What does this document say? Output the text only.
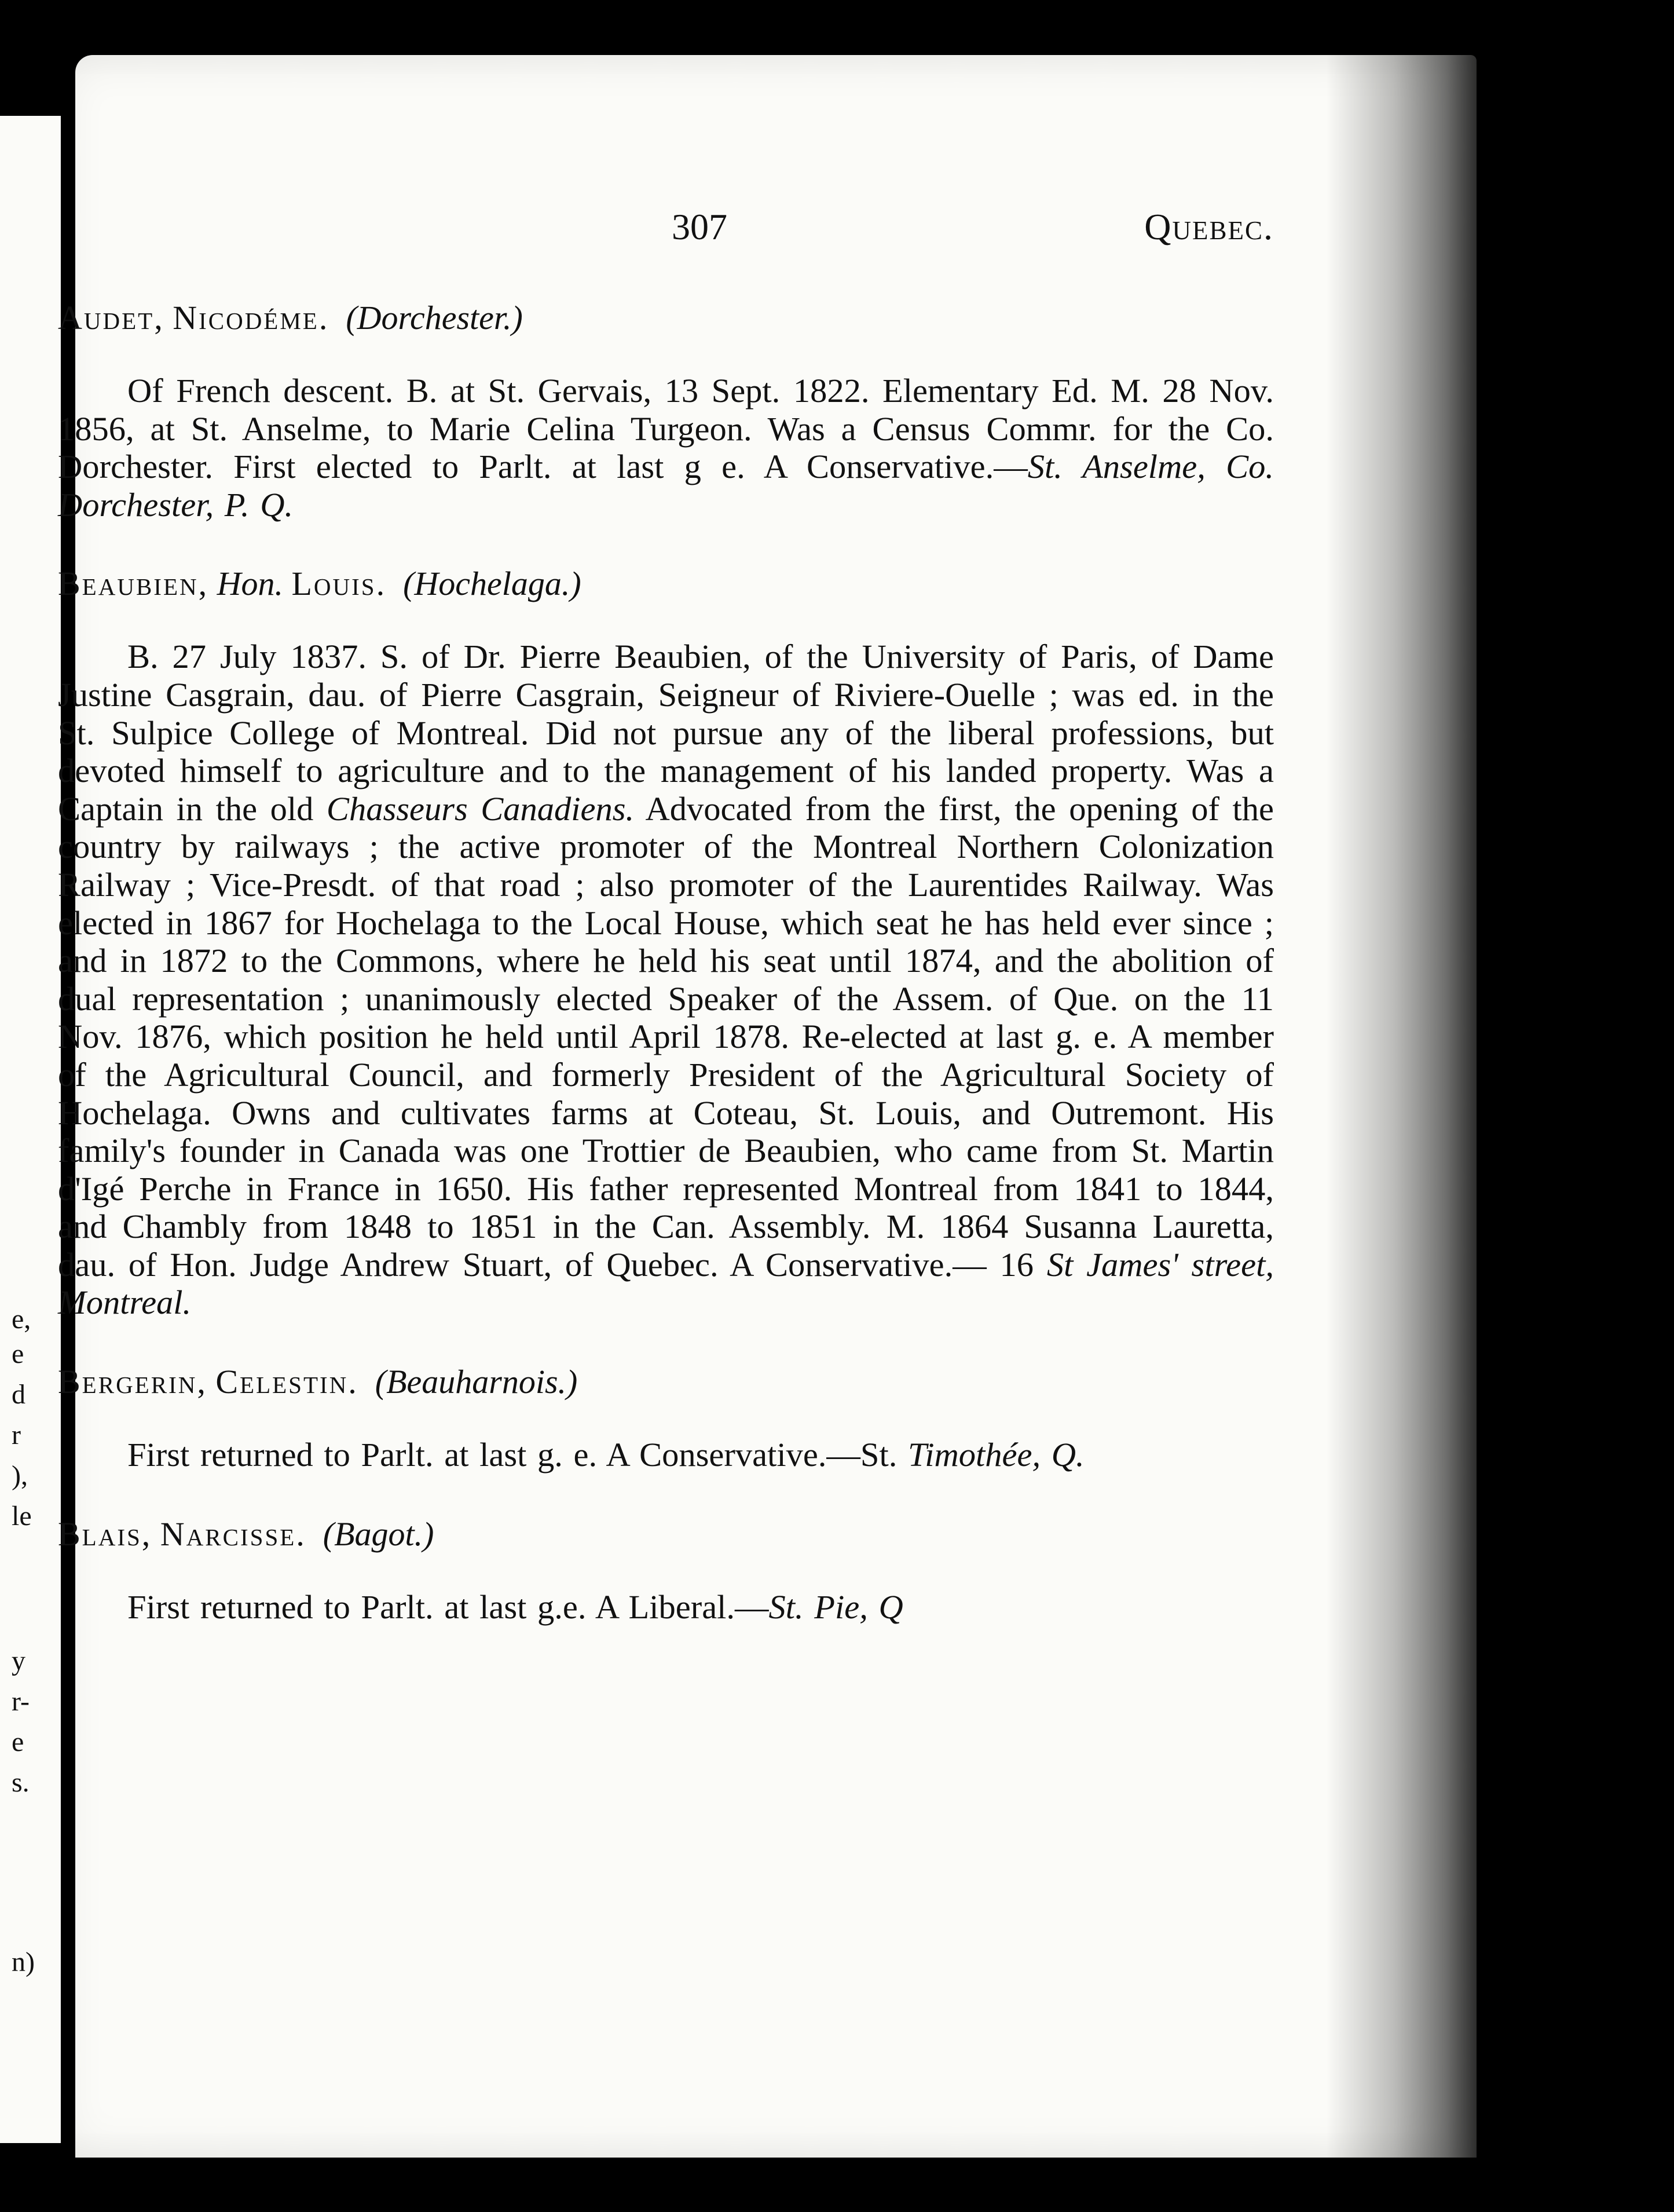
e,
e
d
r
),
le
y
r-
e
s.
n)
307	Quebec.
Audet, Nicodéme. (Dorchester.)

Of French descent. B. at St. Gervais, 13 Sept. 1822. Elementary Ed. M. 28 Nov. 1856, at St. Anselme, to Marie Celina Turgeon. Was a Census Commr. for the Co. Dorchester. First elected to Parlt. at last g e. A Conservative.—St. Anselme, Co. Dorchester, P. Q.

Beaubien, Hon. Louis. (Hochelaga.)

B. 27 July 1837. S. of Dr. Pierre Beaubien, of the University of Paris, of Dame Justine Casgrain, dau. of Pierre Casgrain, Seigneur of Riviere-Ouelle ; was ed. in the St. Sulpice College of Montreal. Did not pursue any of the liberal professions, but devoted himself to agriculture and to the management of his landed property. Was a Captain in the old Chasseurs Canadiens. Advocated from the first, the opening of the country by railways ; the active promoter of the Montreal Northern Colonization Railway ; Vice-Presdt. of that road ; also promoter of the Laurentides Railway. Was elected in 1867 for Hochelaga to the Local House, which seat he has held ever since ; and in 1872 to the Commons, where he held his seat until 1874, and the abolition of dual representation ; unanimously elected Speaker of the Assem. of Que. on the 11 Nov. 1876, which position he held until April 1878. Re-elected at last g. e. A member of the Agricultural Council, and formerly President of the Agricultural Society of Hochelaga. Owns and cultivates farms at Coteau, St. Louis, and Outremont. His family's founder in Canada was one Trottier de Beaubien, who came from St. Martin d'Igé Perche in France in 1650. His father represented Montreal from 1841 to 1844, and Chambly from 1848 to 1851 in the Can. Assembly. M. 1864 Susanna Lauretta, dau. of Hon. Judge Andrew Stuart, of Quebec. A Conservative.— 16 St James' street, Montreal.

Bergerin, Celestin. (Beauharnois.)

First returned to Parlt. at last g. e. A Conservative.—St. Timothée, Q.

Blais, Narcisse. (Bagot.)

First returned to Parlt. at last g.e. A Liberal.—St. Pie, Q
